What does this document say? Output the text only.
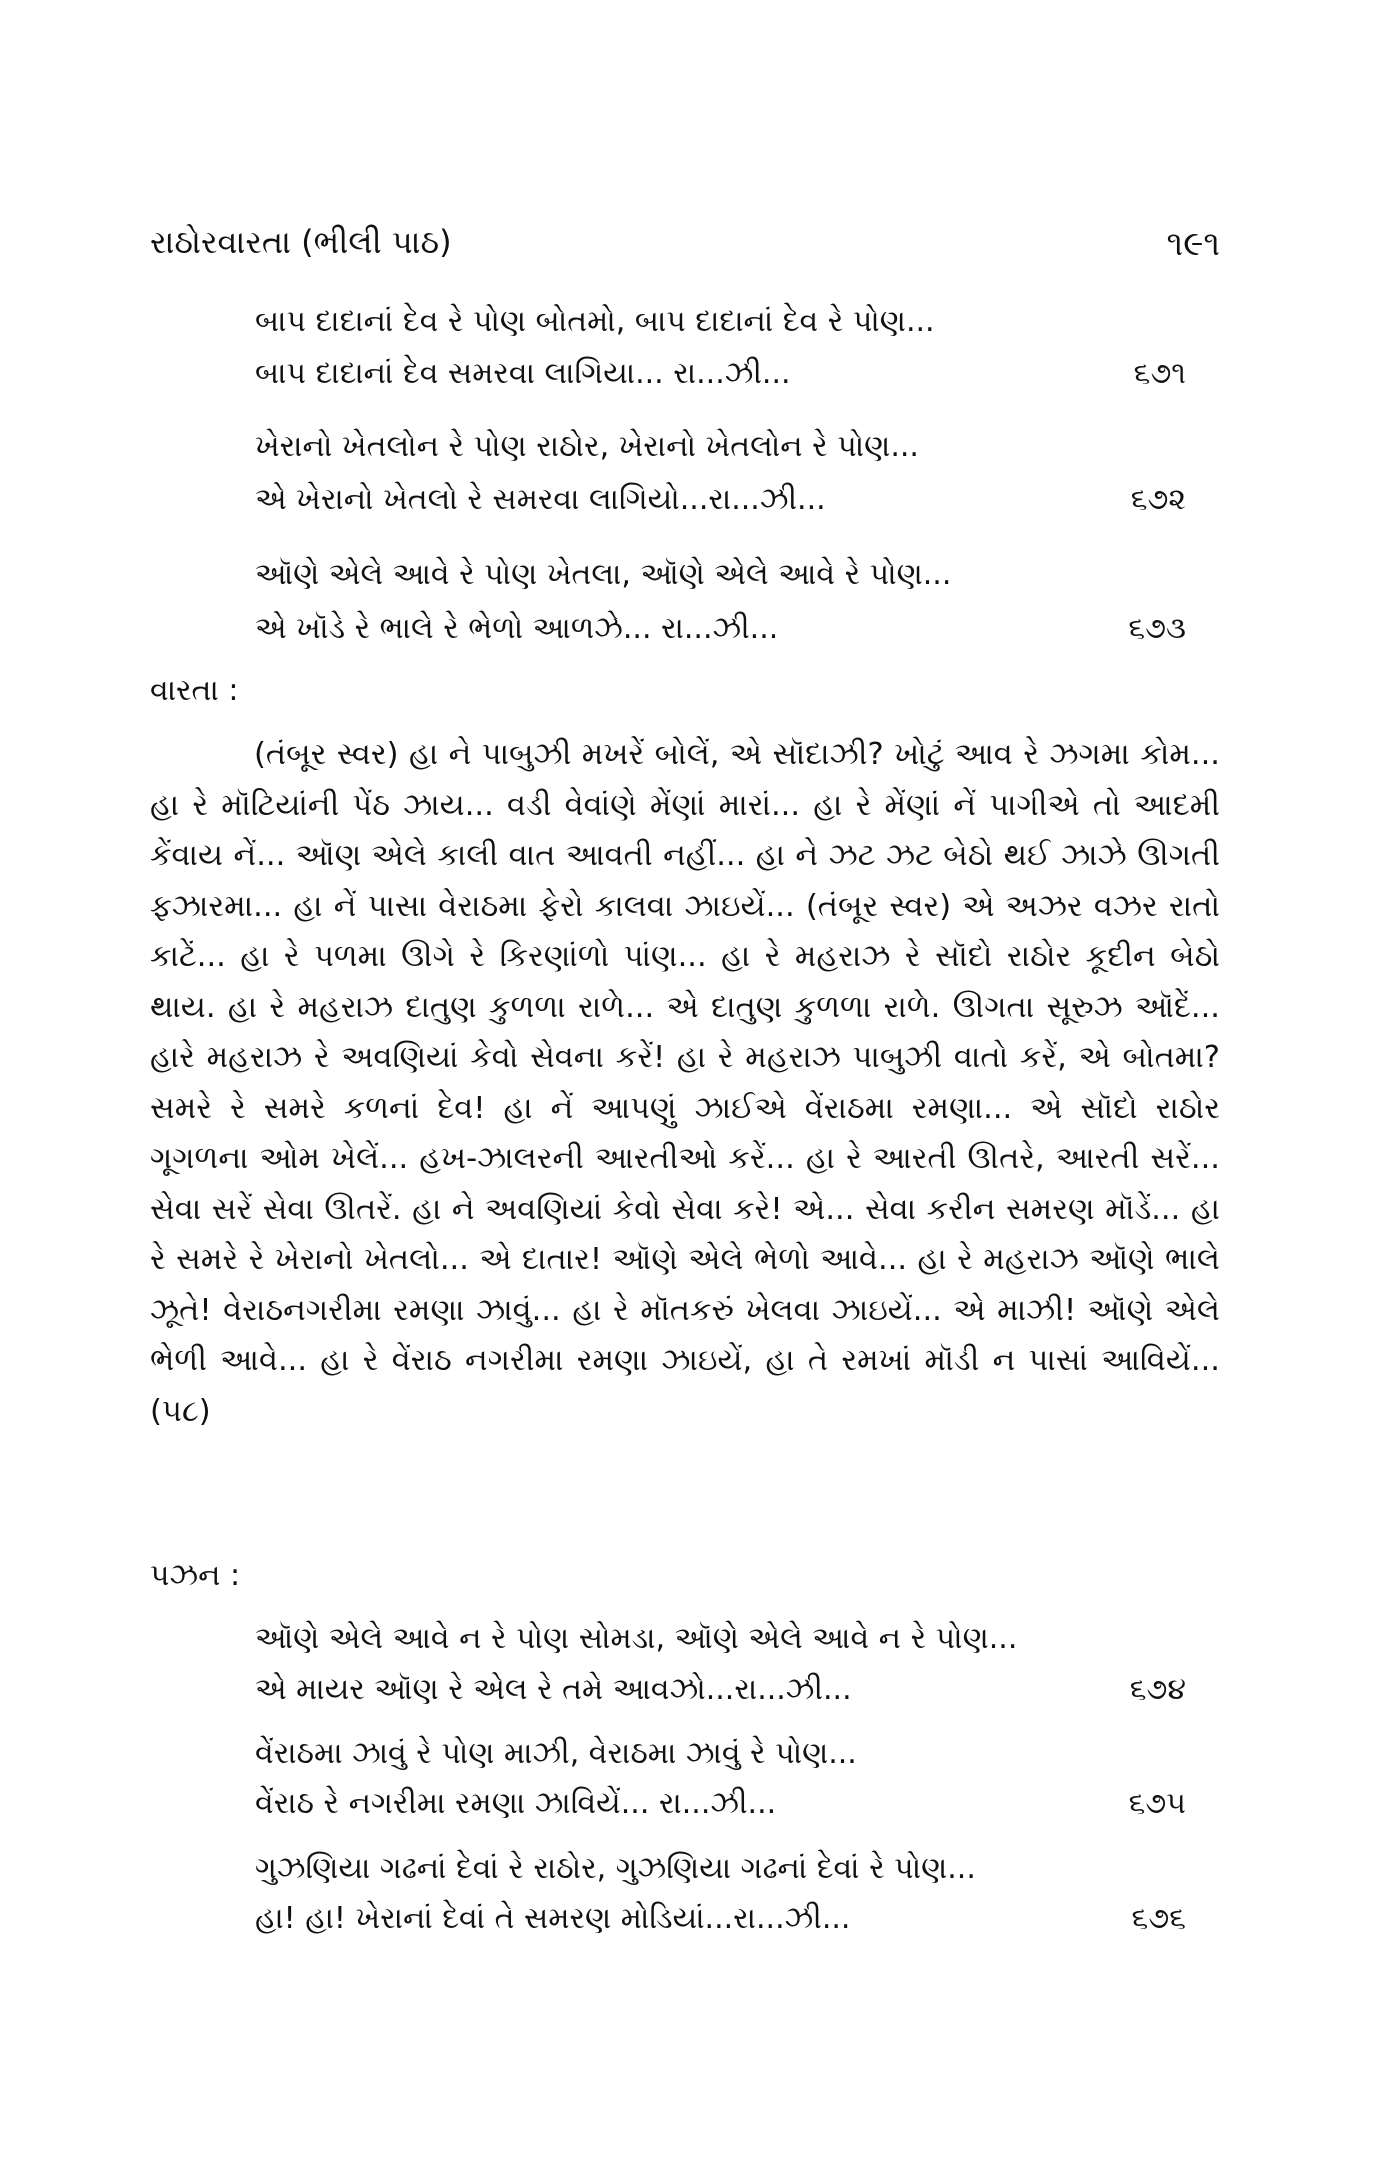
રાઠોરવારતા (ભીલી પાઠ)	૧૯૧
બાપ દાદાનાં દેવ રે પોણ બોતમો, બાપ દાદાનાં દેવ રે પોણ...
બાપ દાદાનાં દેવ સમરવા લાગિયા... રા...ઝી...	૬૭૧
ખેરાનો ખેતલોન રે પોણ રાઠોર, ખેરાનો ખેતલોન રે પોણ...
એ ખેરાનો ખેતલો રે સમરવા લાગિયો...રા...ઝી...	૬૭૨
ઑણે એલે આવે રે પોણ ખેતલા, ઑણે એલે આવે રે પોણ...
એ ખૉડે રે ભાલે રે ભેળો આળઝે... રા...ઝી...	૬૭૩
વારતા :

(તંબૂર સ્વર) હા ને પાબુઝી મખરેં બોલેં, એ સૉદાઝી? ખોટું આવ રે ઝગમા કોમ... હા રે મૉટિયાંની પેંઠ ઝાય... વડી વેવાંણે મેંણાં મારાં... હા રે મેંણાં નેં પાગીએ તો આદમી કેંવાય નેં... ઑણ એલે કાલી વાત આવતી નહીં... હા ને ઝટ ઝટ બેઠો થઈ ઝાઝે ઊગતી ફઝારમા... હા નેં પાસા વેરાઠમા ફેરો કાલવા ઝાઇયેં... (તંબૂર સ્વર) એ અઝર વઝર રાતો કાટેં... હા રે પળમા ઊગે રે કિરણાંળો પાંણ... હા રે મહરાઝ રે સૉદો રાઠોર કૂદીન બેઠો થાય. હા રે મહરાઝ દાતુણ કુળળા રાળે... એ દાતુણ કુળળા રાળે. ઊગતા સૂરુઝ ઑદેં... હારે મહરાઝ રે અવણિયાં કેવો સેવના કરેં! હા રે મહરાઝ પાબુઝી વાતો કરેં, એ બોતમા? સમરે રે સમરે કળનાં દેવ! હા નેં આપણું ઝાઈએ વેંરાઠમા રમણા... એ સૉદો રાઠોર ગૂગળના ઓમ ખેલેં... હખ-ઝાલરની આરતીઓ કરેં... હા રે આરતી ઊતરે, આરતી સરેં... સેવા સરેં સેવા ઊતરેં. હા ને અવણિયાં કેવો સેવા કરે! એ... સેવા કરીન સમરણ મૉડેં... હા રે સમરે રે ખેરાનો ખેતલો... એ દાતાર! ઑણે એલે ભેળો આવે... હા રે મહરાઝ ઑણે ભાલે ઝૂતે! વેરાઠનગરીમા રમણા ઝાવું... હા રે મૉતકરું ખેલવા ઝાઇયેં... એ માઝી! ઑણે એલે ભેળી આવે... હા રે વેંરાઠ નગરીમા રમણા ઝાઇયેં, હા તે રમખાં મૉડી ન પાસાં આવિયેં... (૫૮)

પઝન :
ઑણે એલે આવે ન રે પોણ સોમડા, ઑણે એલે આવે ન રે પોણ...
એ માયર ઑણ રે એલ રે તમે આવઝો...રા...ઝી...	૬૭૪
વેંરાઠમા ઝાવું રે પોણ માઝી, વેરાઠમા ઝાવું રે પોણ...
વેંરાઠ રે નગરીમા રમણા ઝાવિયેં... રા...ઝી...	૬૭૫
ગુઝણિયા ગઢનાં દેવાં રે રાઠોર, ગુઝણિયા ગઢનાં દેવાં રે પોણ...
હા! હા! ખેરાનાં દેવાં તે સમરણ મોડિયાં...રા...ઝી...	૬૭૬
